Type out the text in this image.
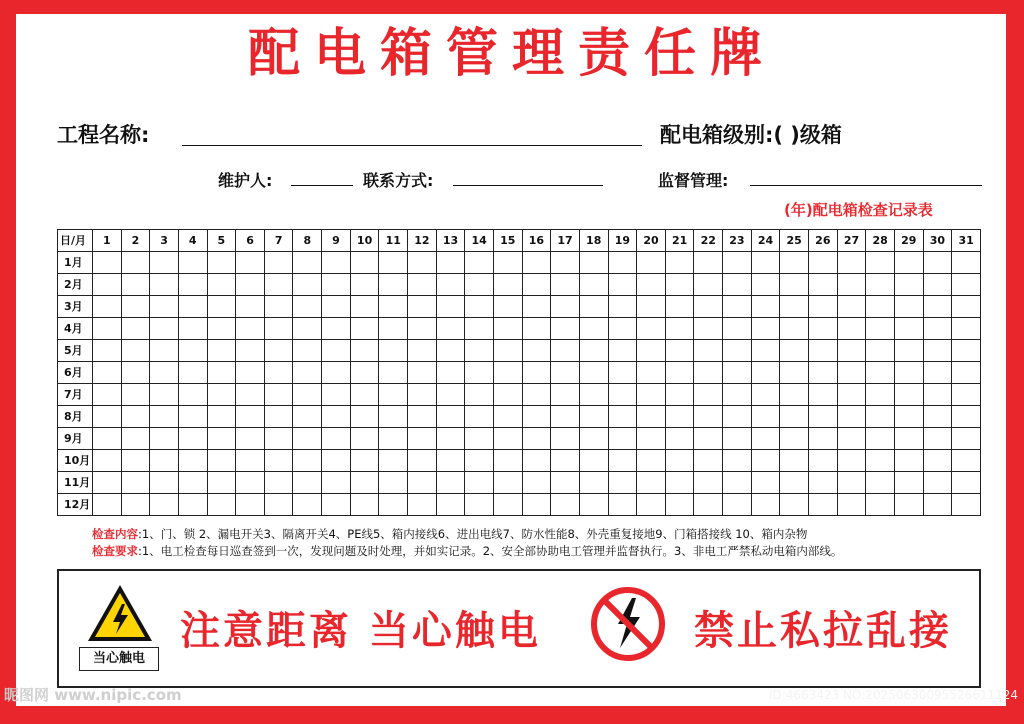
配电箱管理责任牌
工程名称:	配电箱级别:( )级箱
维护人:	联系方式:	监督管理:
(年)配电箱检查记录表
日/月	1	2	3	4	5	6	7	8	9	10	11	12	13	14	15	16	17	18	19	20	21	22	23	24	25	26	27	28	29	30	31
1月																															
2月																															
3月																															
4月																															
5月																															
6月																															
7月																															
8月																															
9月																															
10月																															
11月																															
12月																															
检查内容:1、门、锁 2、漏电开关3、隔离开关4、PE线5、箱内接线6、进出电线7、防水性能8、外壳重复接地9、门箱搭接线 10、箱内杂物
检查要求:1、电工检查每日巡查签到一次，发现问题及时处理，并如实记录。2、安全部协助电工管理并监督执行。3、非电工严禁私动电箱内部线。
当心触电
注意距离 当心触电	禁止私拉乱接
昵图网 www.nipic.com	ID:4663423 NO:20250630095526611124
